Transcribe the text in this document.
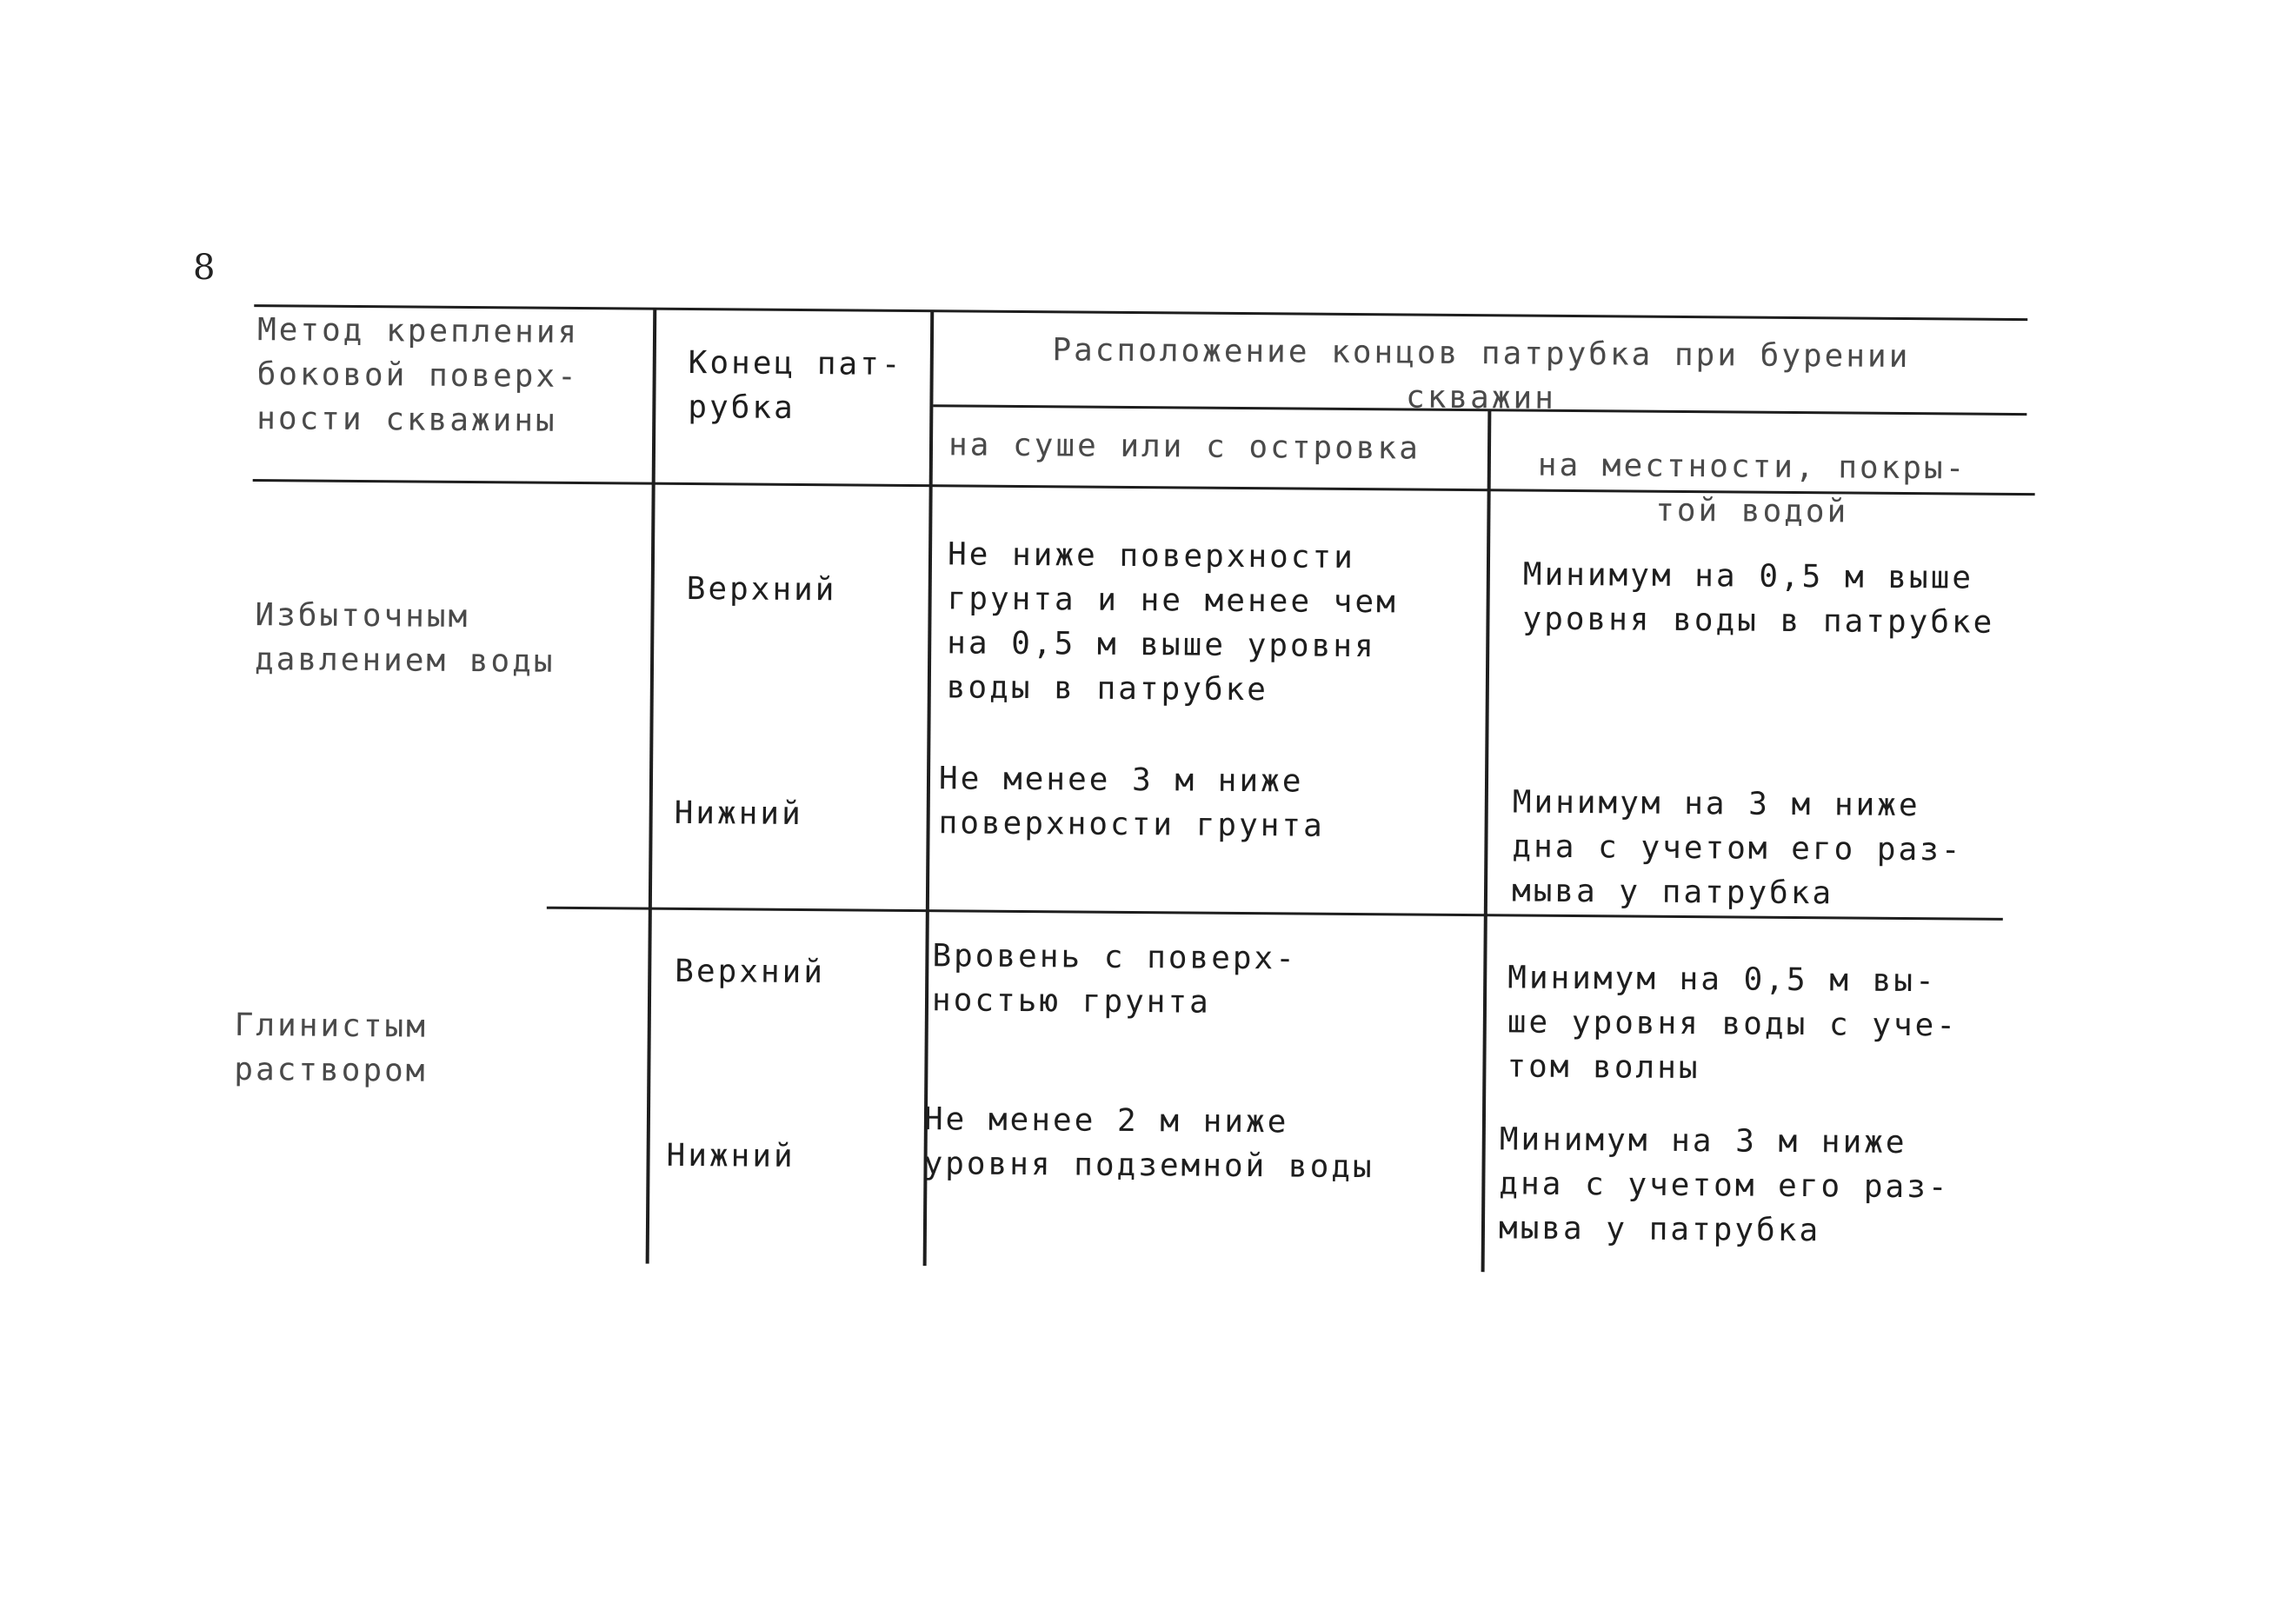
8
Метод крепления
боковой поверх-
ности скважины
Конец пат-
рубка
Расположение концов патрубка при бурении
скважин
на суше или с островка
на местности, покры-
той водой
Избыточным
давлением воды
Верхний
Не ниже поверхности
грунта и не менее чем
на 0,5 м выше уровня
воды в патрубке
Минимум на 0,5 м выше
уровня воды в патрубке
Нижний
Не менее 3 м ниже
поверхности грунта
Минимум на 3 м ниже
дна с учетом его раз-
мыва у патрубка
Глинистым
раствором
Верхний	Вровень с поверх-
ностью грунта
Минимум на 0,5 м вы-
ше уровня воды с уче-
том волны
Нижний
Не менее 2 м ниже
уровня подземной воды
Минимум на 3 м ниже
дна с учетом его раз-
мыва у патрубка
